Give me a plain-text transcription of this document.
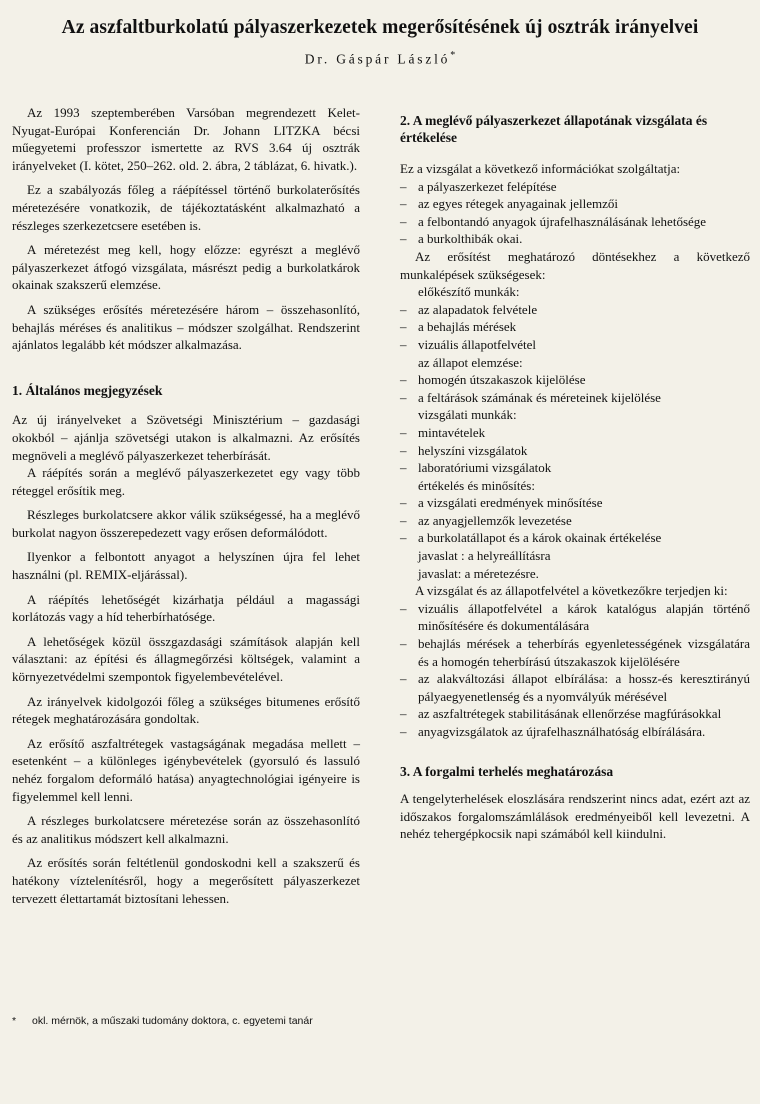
Az aszfaltburkolatú pályaszerkezetek megerősítésének új osztrák irányelvei
Dr. Gáspár László*

Az 1993 szeptemberében Varsóban megrendezett Kelet-Nyugat-Európai Konferencián Dr. Johann LITZKA bécsi műegyetemi professzor ismertette az RVS 3.64 új osztrák irányelveket (I. kötet, 250–262. old. 2. ábra, 2 táblázat, 6. hivatk.).

Ez a szabályozás főleg a ráépítéssel történő burkolaterősítés méretezésére vonatkozik, de tájékoztatásként alkalmazható a részleges szerkezetcsere esetében is.

A méretezést meg kell, hogy előzze: egyrészt a meglévő pályaszerkezet átfogó vizsgálata, másrészt pedig a burkolatkárok okainak szakszerű elemzése.

A szükséges erősítés méretezésére három – összehasonlító, behajlás méréses és analitikus – módszer szolgálhat. Rendszerint ajánlatos legalább két módszer alkalmazása.

1. Általános megjegyzések

Az új irányelveket a Szövetségi Minisztérium – gazdasági okokból – ajánlja szövetségi utakon is alkalmazni. Az erősítés megnöveli a meglévő pályaszerkezet teherbírását.

A ráépítés során a meglévő pályaszerkezetet egy vagy több réteggel erősítik meg.

Részleges burkolatcsere akkor válik szükségessé, ha a meglévő burkolat nagyon összerepedezett vagy erősen deformálódott.

Ilyenkor a felbontott anyagot a helyszínen újra fel lehet használni (pl. REMIX-eljárással).

A ráépítés lehetőségét kizárhatja például a magassági korlátozás vagy a híd teherbírhatósége.

A lehetőségek közül összgazdasági számítások alapján kell választani: az építési és állagmegőrzési költségek, valamint a környezetvédelmi szempontok figyelembevételével.

Az irányelvek kidolgozói főleg a szükséges bitumenes erősítő rétegek meghatározására gondoltak.

Az erősítő aszfaltrétegek vastagságának megadása mellett – esetenként – a különleges igénybevételek (gyorsuló és lassuló nehéz forgalom deformáló hatása) anyagtechnológiai igényeire is figyelemmel kell lenni.

A részleges burkolatcsere méretezése során az összehasonlító és az analitikus módszert kell alkalmazni.

Az erősítés során feltétlenül gondoskodni kell a szakszerű és hatékony víztelenítésről, hogy a megerősített pályaszerkezet tervezett élettartamát biztosítani lehessen.

2. A meglévő pályaszerkezet állapotának vizsgálata és értékelése

Ez a vizsgálat a következő információkat szolgáltatja:

– a pályaszerkezet felépítése
– az egyes rétegek anyagainak jellemzői
– a felbontandó anyagok újrafelhasználásának lehetősége
– a burkolthibák okai.

Az erősítést meghatározó döntésekhez a következő munkalépések szükségesek:

előkészítő munkák:
– az alapadatok felvétele
– a behajlás mérések
– vizuális állapotfelvétel
az állapot elemzése:
– homogén útszakaszok kijelölése
– a feltárások számának és méreteinek kijelölése
vizsgálati munkák:
– mintavételek
– helyszíni vizsgálatok
– laboratóriumi vizsgálatok
értékelés és minősítés:
– a vizsgálati eredmények minősítése
– az anyagjellemzők levezetése
– a burkolatállapot és a károk okainak értékelése
javaslat : a helyreállításra
javaslat: a méretezésre.

A vizsgálat és az állapotfelvétel a következőkre terjedjen ki:

– vizuális állapotfelvétel a károk katalógus alapján történő minősítésére és dokumentálására
– behajlás mérések a teherbírás egyenletességének vizsgálatára és a homogén teherbírású útszakaszok kijelölésére
– az alakváltozási állapot elbírálása: a hossz-és keresztirányú pályaegyenetlenség és a nyomvályúk mérésével
– az aszfaltrétegek stabilitásának ellenőrzése magfúrásokkal
– anyagvizsgálatok az újrafelhasználhatóság elbírálására.
3. A forgalmi terhelés meghatározása

A tengelyterhelések eloszlására rendszerint nincs adat, ezért azt az időszakos forgalomszámlálások eredményeiből kell levezetni. A nehéz tehergépkocsik napi számából kell kiindulni.

* okl. mérnök, a műszaki tudomány doktora, c. egyetemi tanár
